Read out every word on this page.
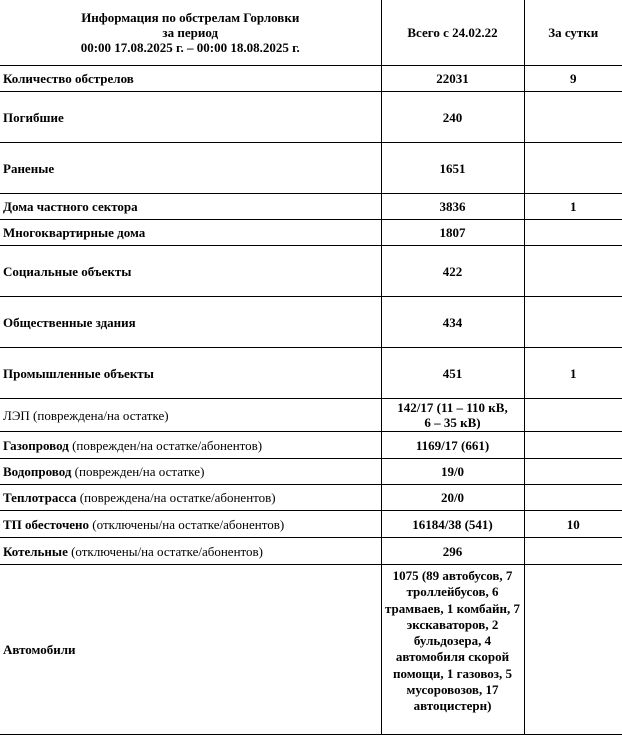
Информация по обстрелам Горловки
за период
00:00 17.08.2025 г. – 00:00 18.08.2025 г.	Всего с 24.02.22	За сутки
Количество обстрелов	22031	9
Погибшие	240	
Раненые	1651	
Дома частного сектора	3836	1
Многоквартирные дома	1807	
Социальные объекты	422	
Общественные здания	434	
Промышленные объекты	451	1
ЛЭП (повреждена/на остатке)	142/17 (11 – 110 кВ, 6 – 35 кВ)	
Газопровод (поврежден/на остатке/абонентов)	1169/17 (661)	
Водопровод (поврежден/на остатке)	19/0	
Теплотрасса (повреждена/на остатке/абонентов)	20/0	
ТП обесточено (отключены/на остатке/абонентов)	16184/38 (541)	10
Котельные (отключены/на остатке/абонентов)	296	
Автомобили	1075 (89 автобусов, 7 троллейбусов, 6 трамваев, 1 комбайн, 7 экскаваторов, 2 бульдозера, 4 автомобиля скорой помощи, 1 газовоз, 5 мусоровозов, 17 автоцистерн)	
